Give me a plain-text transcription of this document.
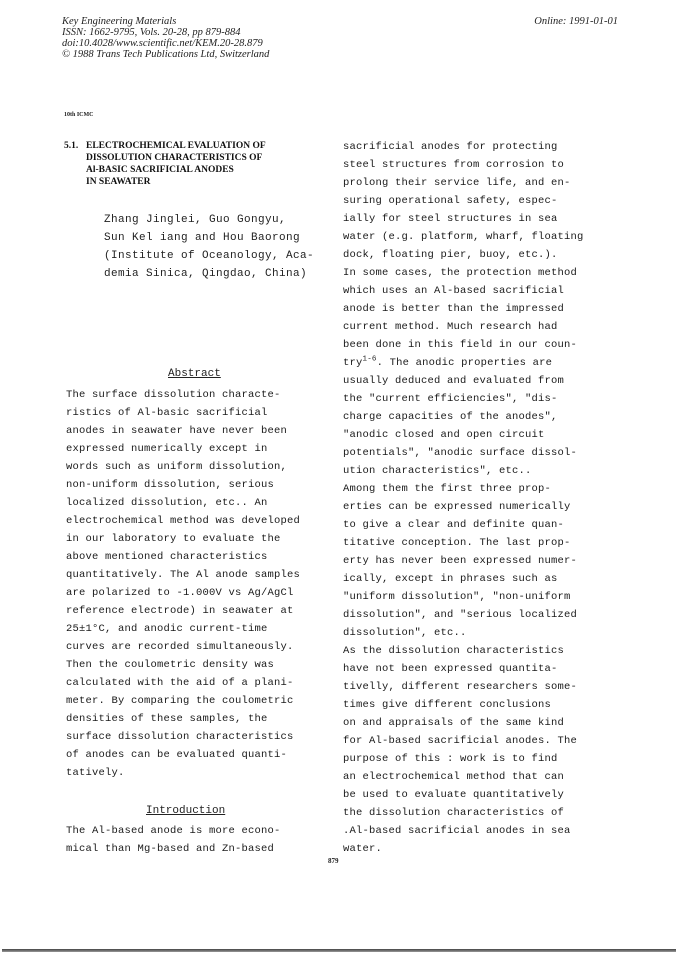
Key Engineering Materials
ISSN: 1662-9795, Vols. 20-28, pp 879-884
doi:10.4028/www.scientific.net/KEM.20-28.879
© 1988 Trans Tech Publications Ltd, Switzerland
Online: 1991-01-01
10th ICMC
5.1. ELECTROCHEMICAL EVALUATION OF
DISSOLUTION CHARACTERISTICS OF
Al-BASIC SACRIFICIAL ANODES
IN SEAWATER
Zhang Jinglei, Guo Gongyu,
Sun Kel iang and Hou Baorong
(Institute of Oceanology, Aca-
demia Sinica, Qingdao, China)
Abstract
The surface dissolution characte-
ristics of Al-basic sacrificial
anodes in seawater have never been
expressed numerically except in
words such as uniform dissolution,
non-uniform dissolution, serious
localized dissolution, etc.. An
electrochemical method was developed
in our laboratory to evaluate the
above mentioned characteristics
quantitatively. The Al anode samples
are polarized to -1.000V vs Ag/AgCl
reference electrode) in seawater at
25±1°C, and anodic current-time
curves are recorded simultaneously.
Then the coulometric density was
calculated with the aid of a plani-
meter. By comparing the coulometric
densities of these samples, the
surface dissolution characteristics
of anodes can be evaluated quanti-
tatively.
Introduction
The Al-based anode is more econo-
mical than Mg-based and Zn-based
sacrificial anodes for protecting
steel structures from corrosion to
prolong their service life, and en-
suring operational safety, espec-
ially for steel structures in sea
water (e.g. platform, wharf, floating
dock, floating pier, buoy, etc.).
In some cases, the protection method
which uses an Al-based sacrificial
anode is better than the impressed
current method. Much research had
been done in this field in our coun-
try$^{1-6}$. The anodic properties are
usually deduced and evaluated from
the "current efficiencies", "dis-
charge capacities of the anodes",
"anodic closed and open circuit
potentials", "anodic surface dissol-
ution characteristics", etc..
Among them the first three prop-
erties can be expressed numerically
to give a clear and definite quan-
titative conception. The last prop-
erty has never been expressed numer-
ically, except in phrases such as
"uniform dissolution", "non-uniform
dissolution", and "serious localized
dissolution", etc..
As the dissolution characteristics
have not been expressed quantita-
tivelly, different researchers some-
times give different conclusions
on and appraisals of the same kind
for Al-based sacrificial anodes. The
purpose of this : work is to find
an electrochemical method that can
be used to evaluate quantitatively
the dissolution characteristics of
.Al-based sacrificial anodes in sea
water.
879
